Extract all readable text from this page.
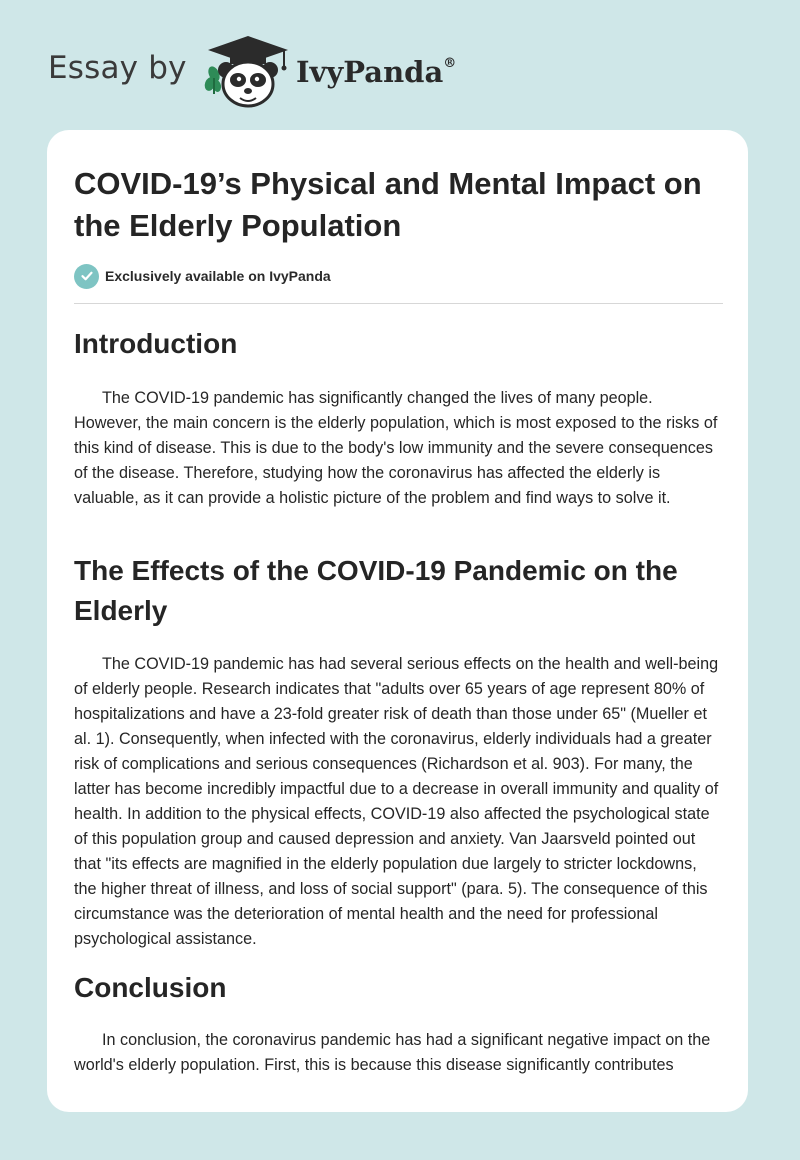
Essay by	IvyPanda®
COVID-19’s Physical and Mental Impact on the Elderly Population
Exclusively available on IvyPanda
Introduction

The COVID-19 pandemic has significantly changed the lives of many people. However, the main concern is the elderly population, which is most exposed to the risks of this kind of disease. This is due to the body's low immunity and the severe consequences of the disease. Therefore, studying how the coronavirus has affected the elderly is valuable, as it can provide a holistic picture of the problem and find ways to solve it.

The Effects of the COVID-19 Pandemic on the Elderly

The COVID-19 pandemic has had several serious effects on the health and well-being of elderly people. Research indicates that "adults over 65 years of age represent 80% of hospitalizations and have a 23-fold greater risk of death than those under 65" (Mueller et al. 1). Consequently, when infected with the coronavirus, elderly individuals had a greater risk of complications and serious consequences (Richardson et al. 903). For many, the latter has become incredibly impactful due to a decrease in overall immunity and quality of health. In addition to the physical effects, COVID-19 also affected the psychological state of this population group and caused depression and anxiety. Van Jaarsveld pointed out that "its effects are magnified in the elderly population due largely to stricter lockdowns, the higher threat of illness, and loss of social support" (para. 5). The consequence of this circumstance was the deterioration of mental health and the need for professional psychological assistance.

Conclusion

In conclusion, the coronavirus pandemic has had a significant negative impact on the world's elderly population. First, this is because this disease significantly contributes
